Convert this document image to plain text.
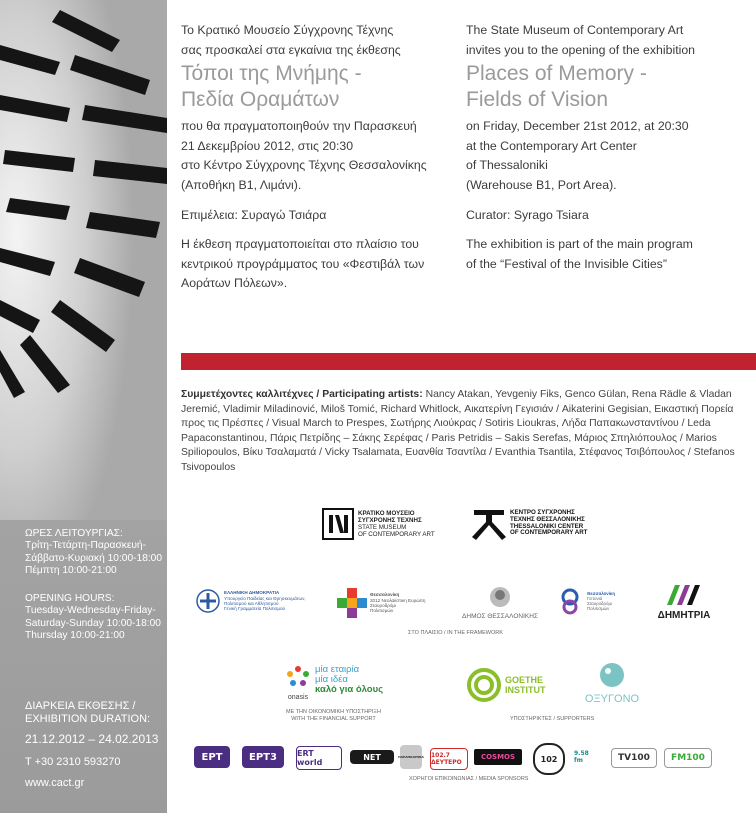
ΩΡΕΣ ΛΕΙΤΟΥΡΓΙΑΣ:
Τρίτη-Τετάρτη-Παρασκευή-
Σάββατο-Κυριακή 10:00-18:00
Πέμπτη 10:00-21:00
OPENING HOURS:
Tuesday-Wednesday-Friday-
Saturday-Sunday 10:00-18:00
Thursday 10:00-21:00
ΔΙΑΡΚΕΙΑ ΕΚΘΕΣΗΣ /
EXHIBITION DURATION:
21.12.2012 – 24.02.2013
T +30 2310 593270
www.cact.gr

Το Κρατικό Μουσείο Σύγχρονης Τέχνης

σας προσκαλεί στα εγκαίνια της έκθεσης

Τόποι της Μνήμης -
Πεδία Οραμάτων

που θα πραγματοποιηθούν την Παρασκευή

21 Δεκεμβρίου 2012, στις 20:30

στο Κέντρο Σύγχρονης Τέχνης Θεσσαλονίκης

(Αποθήκη Β1, Λιμάνι).

Επιμέλεια: Συραγώ Τσιάρα

Η έκθεση πραγματοποιείται στο πλαίσιο του

κεντρικού προγράμματος του «Φεστιβάλ των

Αοράτων Πόλεων».

The State Museum of Contemporary Art

invites you to the opening of the exhibition

Places of Memory -
Fields of Vision

on Friday, December 21st 2012, at 20:30

at the Contemporary Art Center

of Thessaloniki

(Warehouse B1, Port Area).

Curator: Syrago Tsiara

The exhibition is part of the main program

of the “Festival of the Invisible Cities”

Συμμετέχοντες καλλιτέχνες / Participating artists: Nancy Atakan, Yevgeniy Fiks, Genco Gülan, Rena Rädle & Vladan Jeremić, Vladimir Miladinović, Miloš Tomić, Richard Whitlock, Αικατερίνη Γεγισιάν / Aikaterini Gegisian, Εικαστική Πορεία προς τις Πρέσπες / Visual March to Prespes, Σωτήρης Λιούκρας / Sotiris Lioukras, Λήδα Παπακωνσταντίνου / Leda Papaconstantinou, Πάρις Πετρίδης – Σάκης Σερέφας / Paris Petridis – Sakis Serefas, Μάριος Σπηλιόπουλος / Marios Spiliopoulos, Βίκυ Τσαλαματά / Vicky Tsalamata, Ευανθία Τσαντίλα / Evanthia Tsantila, Στέφανος Τσιβόπουλος / Stefanos Tsivopoulos
ΚΡΑΤΙΚΟ ΜΟΥΣΕΙΟ
ΣΥΓΧΡΟΝΗΣ ΤΕΧΝΗΣ
STATE MUSEUM
OF CONTEMPORARY ART
ΚΕΝΤΡΟ ΣΥΓΧΡΟΝΗΣ
ΤΕΧΝΗΣ ΘΕΣΣΑΛΟΝΙΚΗΣ
THESSALONIKI CENTER
OF CONTEMPORARY ART
ΕΛΛΗΝΙΚΗ ΔΗΜΟΚΡΑΤΙΑ
Υπουργείο Παιδείας και Θρησκευμάτων,
Πολιτισμού και Αθλητισμού
Γενική Γραμματεία Πολιτισμού
Θεσσαλονίκη
2012 Νεολαιίστικη Ευρώπη
Σταυροδρόμι
Πολιτισμών
ΔΗΜΟΣ ΘΕΣΣΑΛΟΝΙΚΗΣ
Θεσσαλονίκη
Γειτονιά
Σταυροδρόμι
Πολιτισμών
ΔΗΜΗΤΡΙΑ
ΣΤΟ ΠΛΑΙΣΙΟ / IN THE FRAMEWORK
onasis
μία εταιρία
μία ιδέα
καλό για όλους
ΜΕ ΤΗΝ ΟΙΚΟΝΟΜΙΚΗ ΥΠΟΣΤΗΡΙΞΗ
WITH THE FINANCIAL SUPPORT
GOETHE
INSTITUT
ΟΞΥΓΟΝΟ
ΥΠΟΣΤΗΡΙΚΤΕΣ / SUPPORTERS
ΕΡΤ	ΕΡΤ3	ERT world
NET	ΠΑΡΑΠΟΛΙΤΙΚΑ 102.7 ΔΕΥΤΕΡΟ
COSMOS	102
9.58 fm	TV100	FM100
ΧΟΡΗΓΟΙ ΕΠΙΚΟΙΝΩΝΙΑΣ / MEDIA SPONSORS
